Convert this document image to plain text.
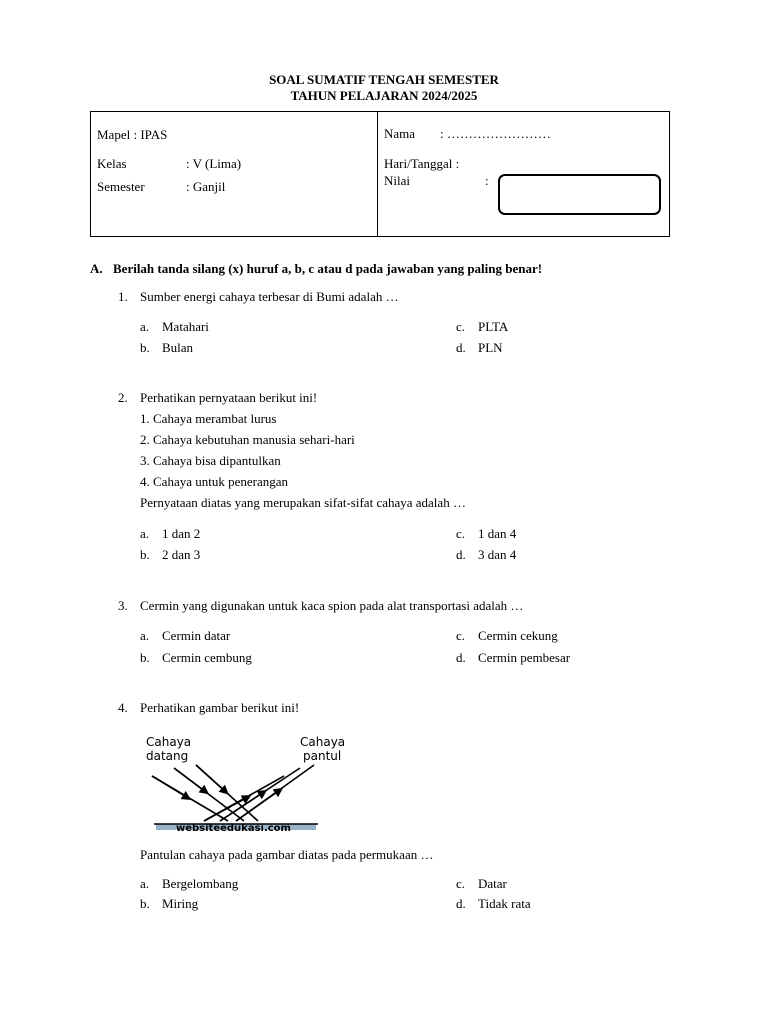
SOAL SUMATIF TENGAH SEMESTER
TAHUN PELAJARAN 2024/2025
Mapel : IPAS
Kelas	: V (Lima)
Semester	: Ganjil
Nama : ……………………
Hari/Tanggal :
Nilai	:
A. Berilah tanda silang (x) huruf a, b, c atau d pada jawaban yang paling benar!
1. Sumber energi cahaya terbesar di Bumi adalah …
a. Matahari
b. Bulan
c. PLTA
d. PLN
2. Perhatikan pernyataan berikut ini!
1. Cahaya merambat lurus
2. Cahaya kebutuhan manusia sehari-hari
3. Cahaya bisa dipantulkan
4. Cahaya untuk penerangan
Pernyataan diatas yang merupakan sifat-sifat cahaya adalah …
a. 1 dan 2
b. 2 dan 3
c. 1 dan 4
d. 3 dan 4
3. Cermin yang digunakan untuk kaca spion pada alat transportasi adalah …
a. Cermin datar
b. Cermin cembung
c. Cermin cekung
d. Cermin pembesar
4. Perhatikan gambar berikut ini!
Cahaya
datang
Cahaya
pantul
websiteedukasi.com
Pantulan cahaya pada gambar diatas pada permukaan …
a. Bergelombang
b. Miring
c. Datar
d. Tidak rata
